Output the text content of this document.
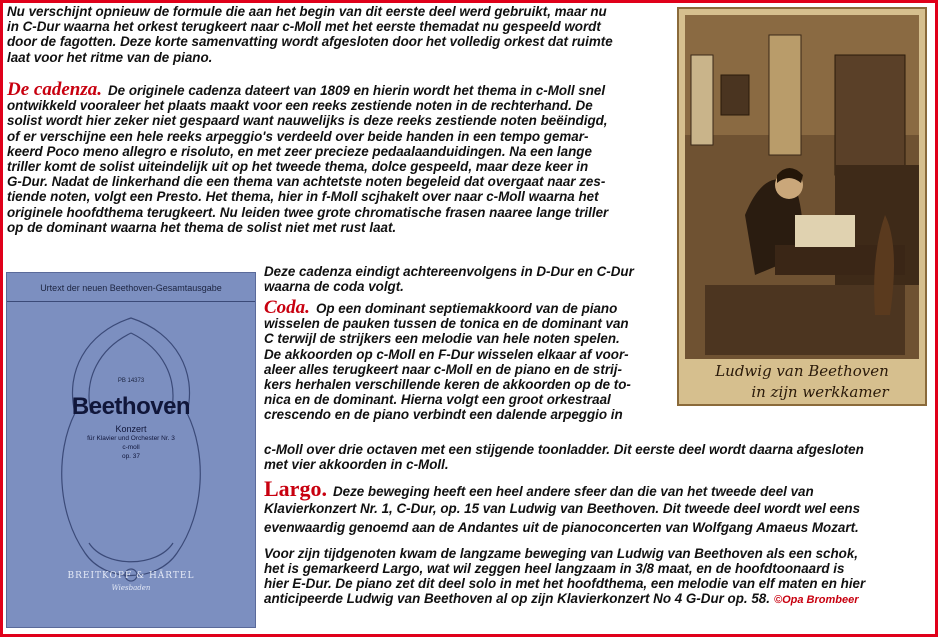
Nu verschijnt opnieuw de formule die aan het begin van dit eerste deel werd gebruikt, maar nu
in C-Dur waarna het orkest terugkeert naar c-Moll met het eerste themadat nu gespeeld wordt
door de fagotten. Deze korte samenvatting wordt afgesloten door het volledig orkest dat ruimte
laat voor het ritme van de piano.
De cadenza. De originele cadenza dateert van 1809 en hierin wordt het thema in c-Moll snel
ontwikkeld vooraleer het plaats maakt voor een reeks zestiende noten in de rechterhand. De
solist wordt hier zeker niet gespaard want nauwelijks is deze reeks zestiende noten beëindigd,
of er verschijne een hele reeks arpeggio's verdeeld over beide handen in een tempo gemar-
keerd Poco meno allegro e risoluto, en met zeer precieze pedaalaanduidingen. Na een lange
triller komt de solist uiteindelijk uit op het tweede thema, dolce gespeeld, maar deze keer in
G-Dur. Nadat de linkerhand die een thema van achtetste noten begeleid dat overgaat naar zes-
tiende noten, volgt een Presto. Het thema, hier in f-Moll scjhakelt over naar c-Moll waarna het
originele hoofdthema terugkeert. Nu leiden twee grote chromatische frasen naaree lange triller
op de dominant waarna het thema de solist niet met rust laat.
Deze cadenza eindigt achtereenvolgens in D-Dur en C-Dur
waarna de coda volgt.
Coda. Op een dominant septiemakkoord van de piano
wisselen de pauken tussen de tonica en de dominant van
C terwijl de strijkers een melodie van hele noten spelen.
De akkoorden op c-Moll en F-Dur wisselen elkaar af voor-
aleer alles terugkeert naar c-Moll en de piano en de strij-
kers herhalen verschillende keren de akkoorden op de to-
nica en de dominant. Hierna volgt een groot orkestraal
crescendo en de piano verbindt een dalende arpeggio in
c-Moll over drie octaven met een stijgende toonladder. Dit eerste deel wordt daarna afgesloten
met vier akkoorden in c-Moll.
Largo. Deze beweging heeft een heel andere sfeer dan die van het tweede deel van
Klavierkonzert Nr. 1, C-Dur, op. 15 van Ludwig van Beethoven. Dit tweede deel wordt wel eens
evenwaardig genoemd aan de Andantes uit de pianoconcerten van Wolfgang Amaeus Mozart.
Voor zijn tijdgenoten kwam de langzame beweging van Ludwig van Beethoven als een schok,
het is gemarkeerd Largo, wat wil zeggen heel langzaam in 3/8 maat, en de hoofdtoonaard is
hier E-Dur. De piano zet dit deel solo in met het hoofdthema, een melodie van elf maten en hier
anticipeerde Ludwig van Beethoven al op zijn Klavierkonzert No 4 G-Dur op. 58. ©Opa Brombeer
Ludwig van Beethoven
in zijn werkkamer
Urtext der neuen Beethoven-Gesamtausgabe
PB 14373
Beethoven
Konzert
für Klavier und Orchester Nr. 3
c-moll
op. 37
BREITKOPF & HÄRTEL
Wiesbaden
